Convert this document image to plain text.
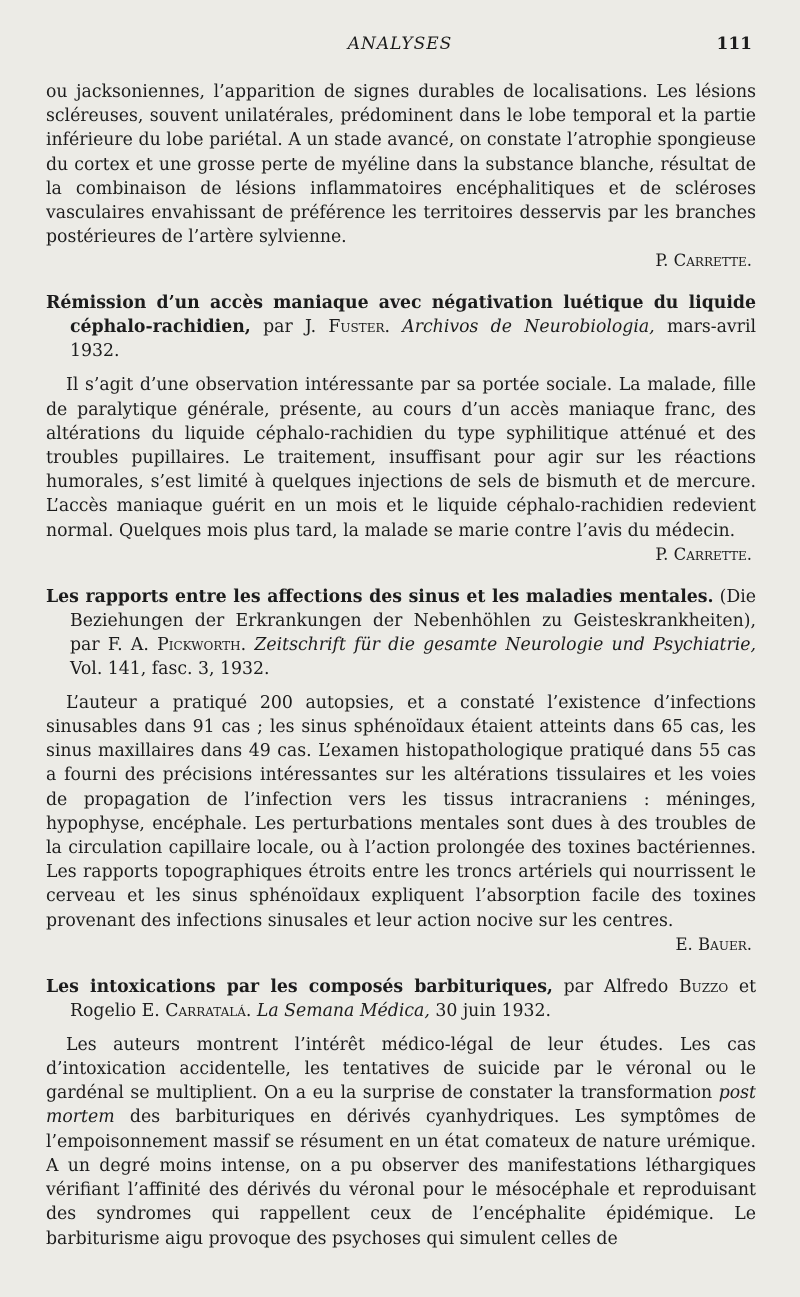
ANALYSES	111

ou jacksoniennes, l’apparition de signes durables de localisations. Les lésions scléreuses, souvent unilatérales, prédominent dans le lobe temporal et la partie inférieure du lobe pariétal. A un stade avancé, on constate l’atrophie spongieuse du cortex et une grosse perte de myéline dans la substance blanche, résultat de la combinaison de lésions inflammatoires encéphalitiques et de scléroses vasculaires envahissant de préférence les territoires desservis par les branches postérieures de l’artère sylvienne.

P. Carrette.

Rémission d’un accès maniaque avec négativation luétique du liquide céphalo-rachidien, par J. Fuster. Archivos de Neurobiologia, mars-avril 1932.

Il s’agit d’une observation intéressante par sa portée sociale. La malade, fille de paralytique générale, présente, au cours d’un accès maniaque franc, des altérations du liquide céphalo-rachidien du type syphilitique atténué et des troubles pupillaires. Le traitement, insuffisant pour agir sur les réactions humorales, s’est limité à quelques injections de sels de bismuth et de mercure. L’accès maniaque guérit en un mois et le liquide céphalo-rachidien redevient normal. Quelques mois plus tard, la malade se marie contre l’avis du médecin.

P. Carrette.

Les rapports entre les affections des sinus et les maladies mentales. (Die Beziehungen der Erkrankungen der Nebenhöhlen zu Geisteskrankheiten), par F. A. Pickworth. Zeitschrift für die gesamte Neurologie und Psychiatrie, Vol. 141, fasc. 3, 1932.

L’auteur a pratiqué 200 autopsies, et a constaté l’existence d’infections sinusables dans 91 cas ; les sinus sphénoïdaux étaient atteints dans 65 cas, les sinus maxillaires dans 49 cas. L’examen histopathologique pratiqué dans 55 cas a fourni des précisions intéressantes sur les altérations tissulaires et les voies de propagation de l’infection vers les tissus intracraniens : méninges, hypophyse, encéphale. Les perturbations mentales sont dues à des troubles de la circulation capillaire locale, ou à l’action prolongée des toxines bactériennes. Les rapports topographiques étroits entre les troncs artériels qui nourrissent le cerveau et les sinus sphénoïdaux expliquent l’absorption facile des toxines provenant des infections sinusales et leur action nocive sur les centres.

E. Bauer.

Les intoxications par les composés barbituriques, par Alfredo Buzzo et Rogelio E. Carratalá. La Semana Médica, 30 juin 1932.

Les auteurs montrent l’intérêt médico-légal de leur études. Les cas d’intoxication accidentelle, les tentatives de suicide par le véronal ou le gardénal se multiplient. On a eu la surprise de constater la transformation post mortem des barbituriques en dérivés cyanhydriques. Les symptômes de l’empoisonnement massif se résument en un état comateux de nature urémique. A un degré moins intense, on a pu observer des manifestations léthargiques vérifiant l’affinité des dérivés du véronal pour le mésocéphale et reproduisant des syndromes qui rappellent ceux de l’encéphalite épidémique. Le barbiturisme aigu provoque des psychoses qui simulent celles de
